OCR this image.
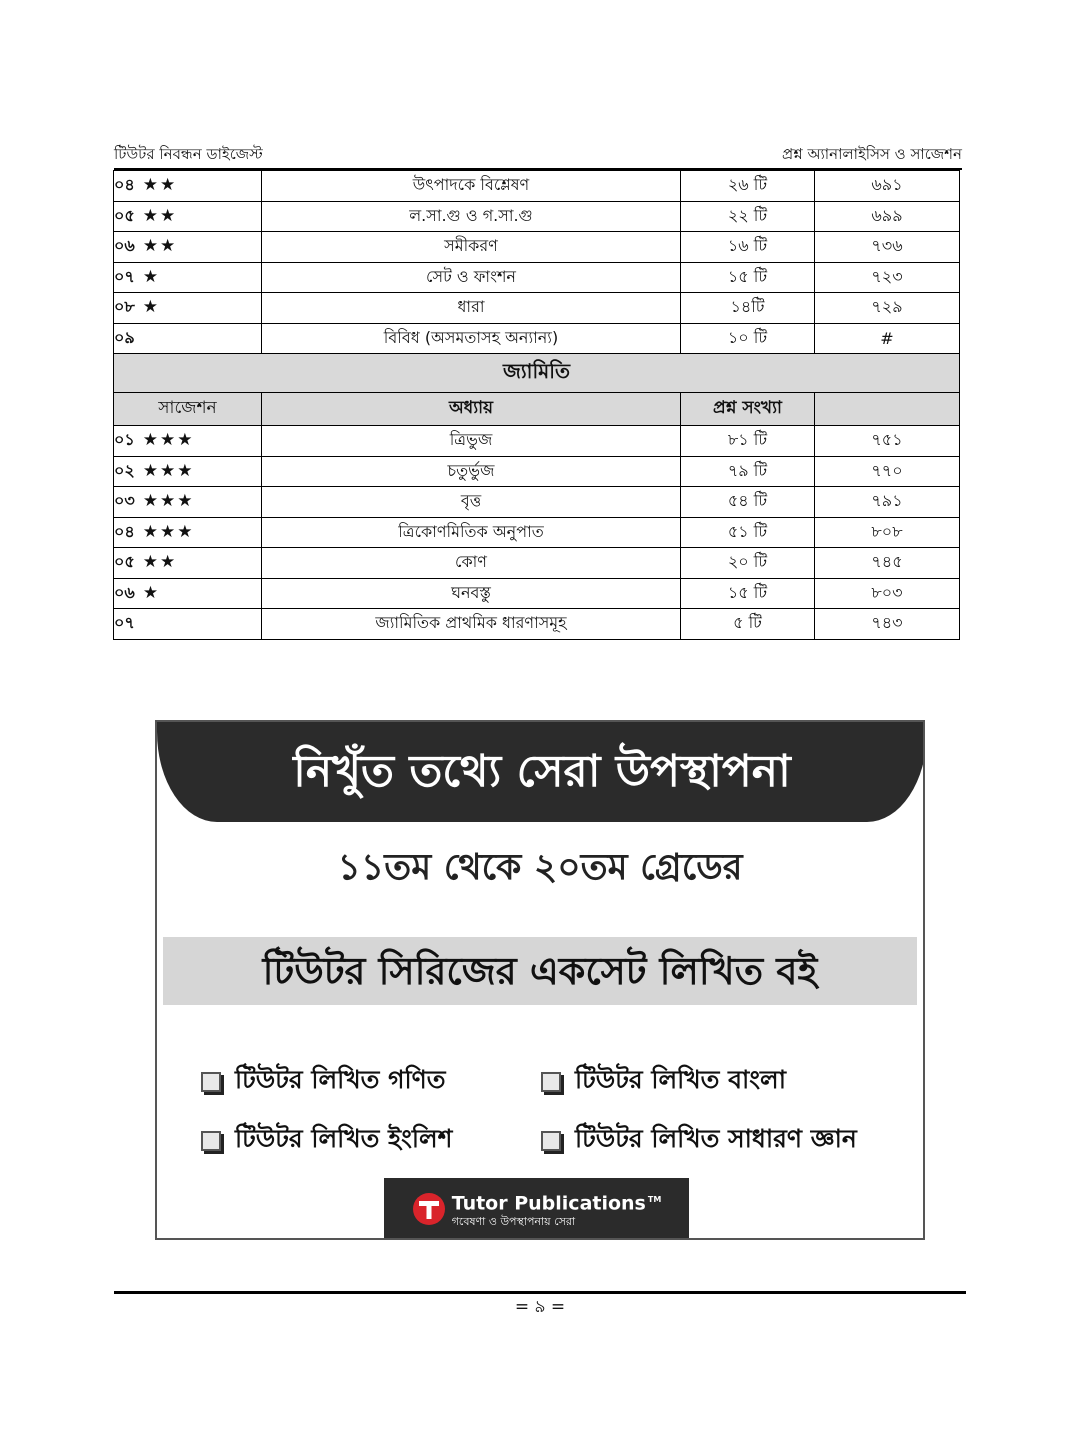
টিউটর নিবন্ধন ডাইজেস্ট	প্রশ্ন অ্যানালাইসিস ও সাজেশন
০৪ ★★	উৎপাদকে বিশ্লেষণ	২৬ টি	৬৯১
০৫ ★★	ল.সা.গু ও গ.সা.গু	২২ টি	৬৯৯
০৬ ★★	সমীকরণ	১৬ টি	৭৩৬
০৭ ★	সেট ও ফাংশন	১৫ টি	৭২৩
০৮ ★	ধারা	১৪টি	৭২৯
০৯	বিবিধ (অসমতাসহ অন্যান্য)	১০ টি	#
জ্যামিতি			
সাজেশন	অধ্যায়	প্রশ্ন সংখ্যা	
০১ ★★★	ত্রিভুজ	৮১ টি	৭৫১
০২ ★★★	চতুর্ভুজ	৭৯ টি	৭৭০
০৩ ★★★	বৃত্ত	৫৪ টি	৭৯১
০৪ ★★★	ত্রিকোণমিতিক অনুপাত	৫১ টি	৮০৮
০৫ ★★	কোণ	২০ টি	৭৪৫
০৬ ★	ঘনবস্তু	১৫ টি	৮০৩
০৭	জ্যামিতিক প্রাথমিক ধারণাসমূহ	৫ টি	৭৪৩
নিখুঁত তথ্যে সেরা উপস্থাপনা
১১তম থেকে ২০তম গ্রেডের
টিউটর সিরিজের একসেট লিখিত বই
টিউটর লিখিত গণিত	টিউটর লিখিত বাংলা
টিউটর লিখিত ইংলিশ	টিউটর লিখিত সাধারণ জ্ঞান
Tutor Publications ™
গবেষণা ও উপস্থাপনায় সেরা
= ৯ =
